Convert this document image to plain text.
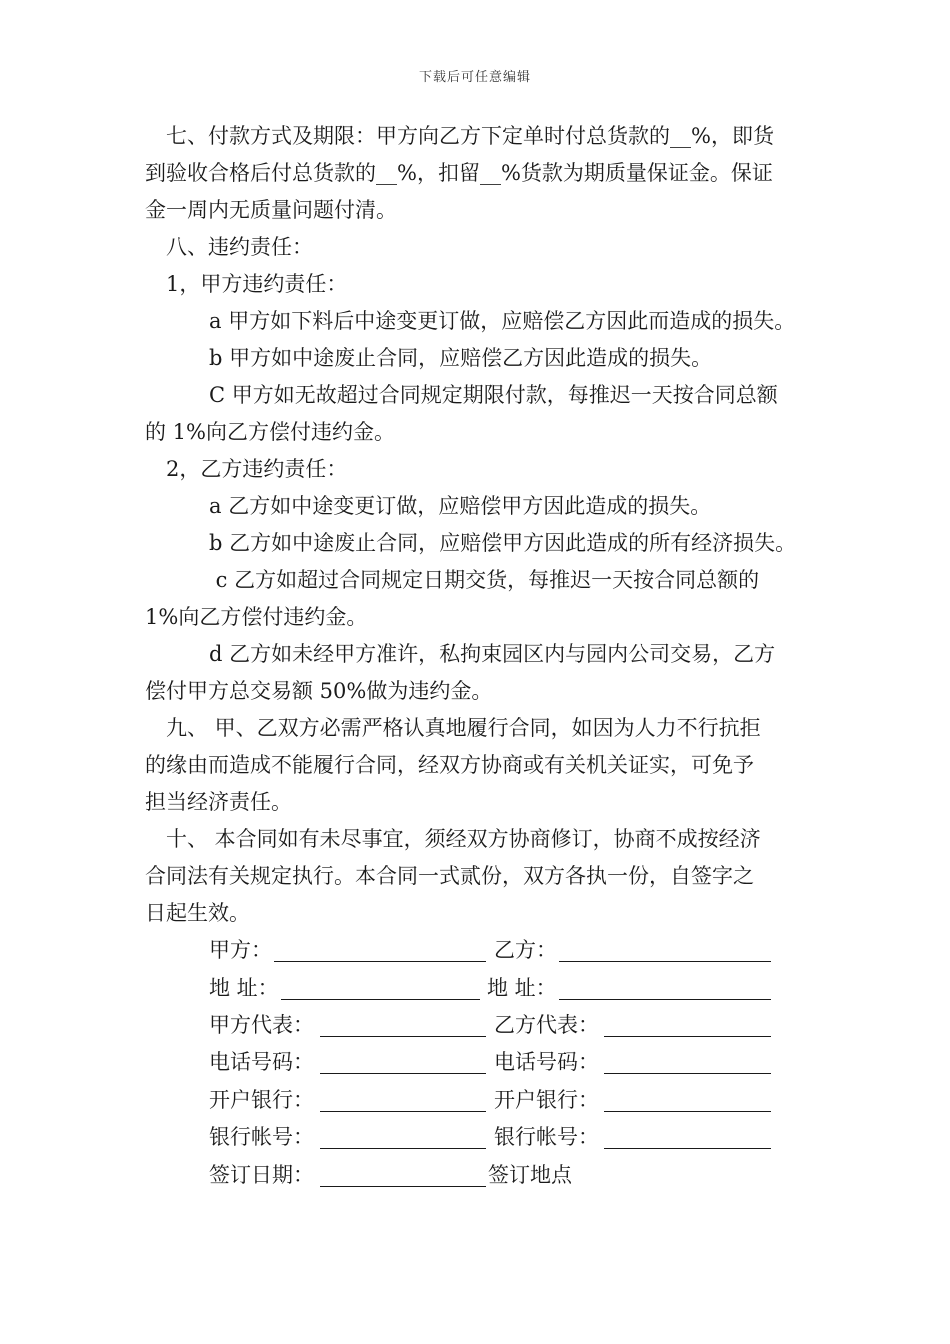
下载后可任意编辑
七、付款方式及期限：甲方向乙方下定单时付总货款的__%，即货
到验收合格后付总货款的__%，扣留__%货款为期质量保证金。保证
金一周内无质量问题付清。
八、违约责任：
1，甲方违约责任：
a 甲方如下料后中途变更订做，应赔偿乙方因此而造成的损失。
b 甲方如中途废止合同，应赔偿乙方因此造成的损失。
C 甲方如无故超过合同规定期限付款，每推迟一天按合同总额
的 1%向乙方偿付违约金。
2，乙方违约责任：
a 乙方如中途变更订做，应赔偿甲方因此造成的损失。
b 乙方如中途废止合同，应赔偿甲方因此造成的所有经济损失。
c 乙方如超过合同规定日期交货，每推迟一天按合同总额的
1%向乙方偿付违约金。
d 乙方如未经甲方准许，私拘束园区内与园内公司交易，乙方
偿付甲方总交易额 50%做为违约金。
九、 甲、乙双方必需严格认真地履行合同，如因为人力不行抗拒
的缘由而造成不能履行合同，经双方协商或有关机关证实，可免予
担当经济责任。
十、 本合同如有未尽事宜，须经双方协商修订，协商不成按经济
合同法有关规定执行。本合同一式贰份，双方各执一份，自签字之
日起生效。
甲方：	乙方：
地 址：	地 址：
甲方代表：	乙方代表：
电话号码：	电话号码：
开户银行：	开户银行：
银行帐号：	银行帐号：
签订日期：	签订地点
